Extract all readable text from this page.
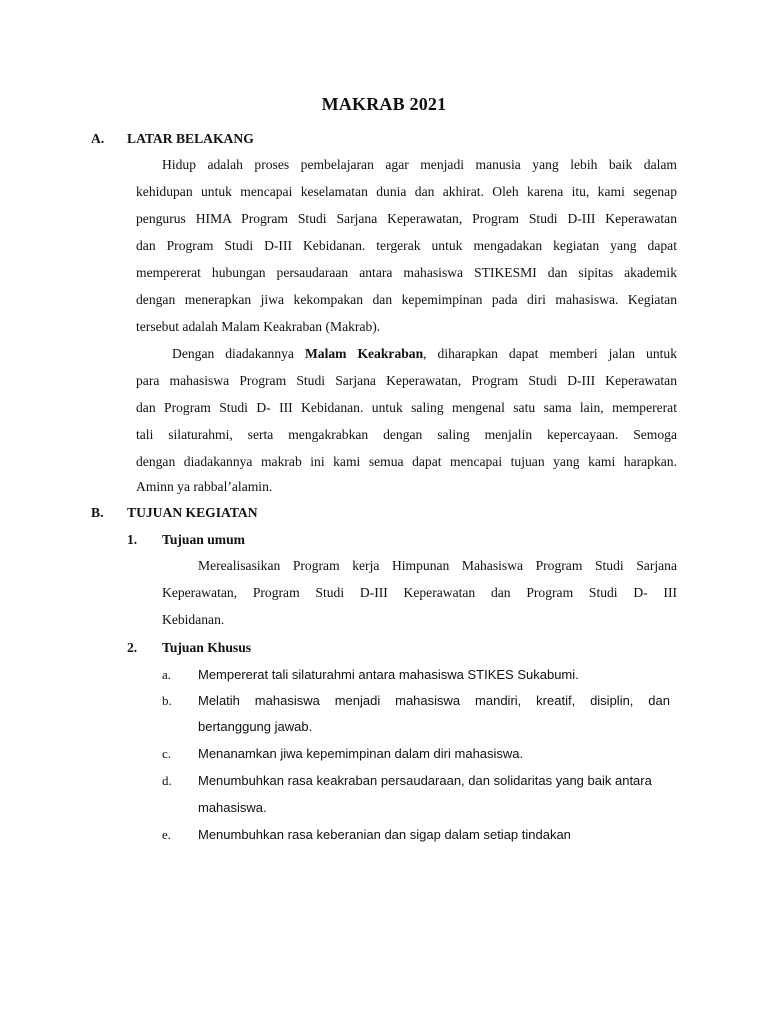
MAKRAB 2021
A. LATAR BELAKANG
Hidup adalah proses pembelajaran agar menjadi manusia yang lebih baik dalam
kehidupan untuk mencapai keselamatan dunia dan akhirat. Oleh karena itu, kami segenap
pengurus HIMA Program Studi Sarjana Keperawatan, Program Studi D-III Keperawatan
dan Program Studi D-III Kebidanan. tergerak untuk mengadakan kegiatan yang dapat
mempererat hubungan persaudaraan antara mahasiswa STIKESMI dan sipitas akademik
dengan menerapkan jiwa kekompakan dan kepemimpinan pada diri mahasiswa. Kegiatan
tersebut adalah Malam Keakraban (Makrab).
Dengan diadakannya Malam Keakraban, diharapkan dapat memberi jalan untuk
para mahasiswa Program Studi Sarjana Keperawatan, Program Studi D-III Keperawatan
dan Program Studi D- III Kebidanan. untuk saling mengenal satu sama lain, mempererat
tali silaturahmi, serta mengakrabkan dengan saling menjalin kepercayaan. Semoga
dengan diadakannya makrab ini kami semua dapat mencapai tujuan yang kami harapkan.
Aminn ya rabbal’alamin.
B. TUJUAN KEGIATAN
1. Tujuan umum
Merealisasikan Program kerja Himpunan Mahasiswa Program Studi Sarjana
Keperawatan, Program Studi D-III Keperawatan dan Program Studi D- III
Kebidanan.
2. Tujuan Khusus
a. Mempererat tali silaturahmi antara mahasiswa STIKES Sukabumi.
b. Melatih mahasiswa menjadi mahasiswa mandiri, kreatif, disiplin, dan
bertanggung jawab.
c. Menanamkan jiwa kepemimpinan dalam diri mahasiswa.
d. Menumbuhkan rasa keakraban persaudaraan, dan solidaritas yang baik antara
mahasiswa.
e. Menumbuhkan rasa keberanian dan sigap dalam setiap tindakan
